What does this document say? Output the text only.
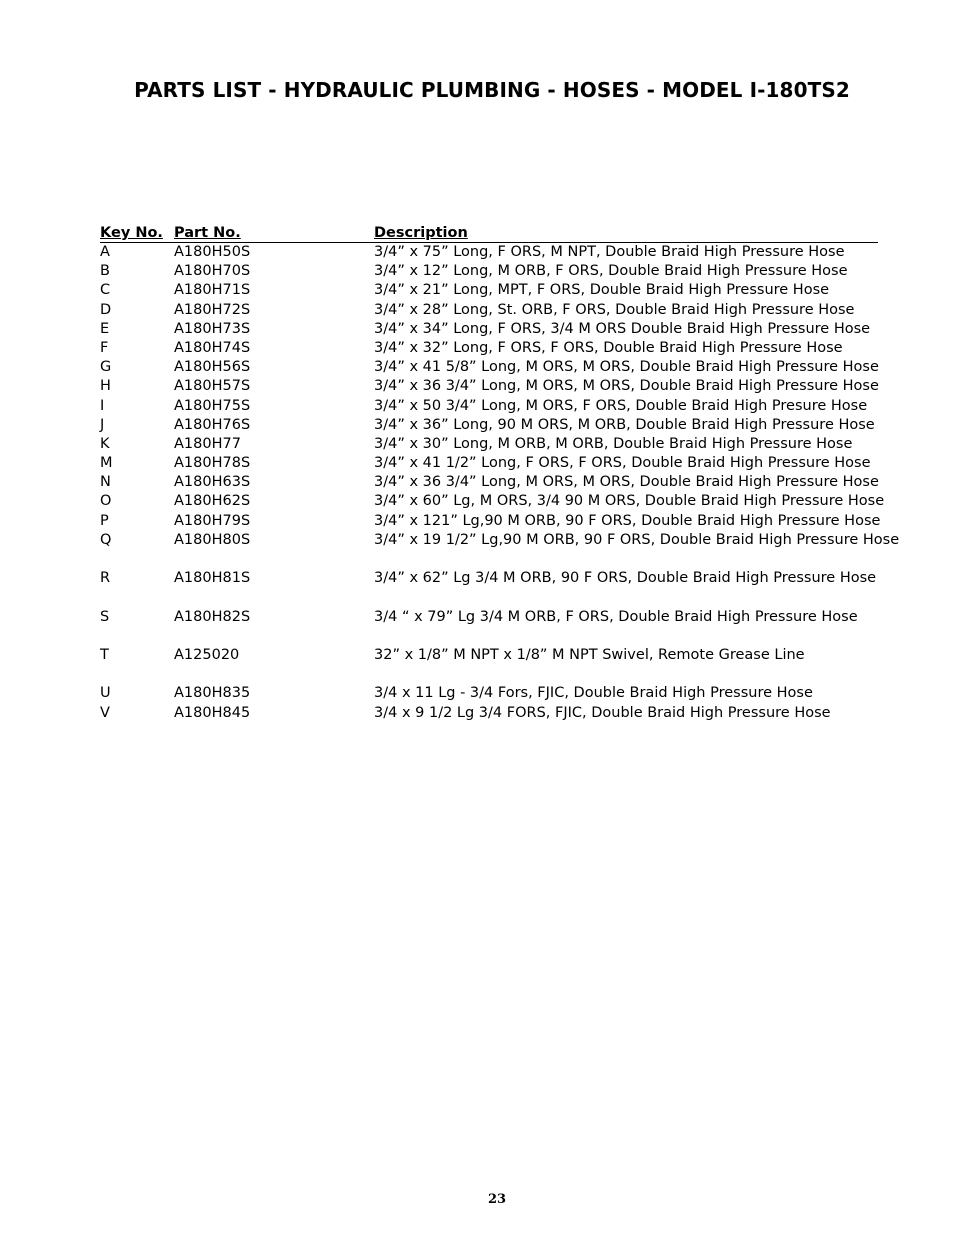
PARTS LIST - HYDRAULIC PLUMBING - HOSES - MODEL I-180TS2
Key No. Part No.	Description
A	A180H50S	3/4” x 75” Long, F ORS, M NPT, Double Braid High Pressure Hose
B	A180H70S	3/4” x 12” Long, M ORB, F ORS, Double Braid High Pressure Hose
C	A180H71S	3/4” x 21” Long, MPT, F ORS, Double Braid High Pressure Hose
D	A180H72S	3/4” x 28” Long, St. ORB, F ORS, Double Braid High Pressure Hose
E	A180H73S	3/4” x 34” Long, F ORS, 3/4 M ORS Double Braid High Pressure Hose
F	A180H74S	3/4” x 32” Long, F ORS, F ORS, Double Braid High Pressure Hose
G	A180H56S	3/4” x 41 5/8” Long, M ORS, M ORS, Double Braid High Pressure Hose
H	A180H57S	3/4” x 36 3/4” Long, M ORS, M ORS, Double Braid High Pressure Hose
I	A180H75S	3/4” x 50 3/4” Long, M ORS, F ORS, Double Braid High Presure Hose
J	A180H76S	3/4” x 36” Long, 90 M ORS, M ORB, Double Braid High Pressure Hose
K	A180H77	3/4” x 30” Long, M ORB, M ORB, Double Braid High Pressure Hose
M	A180H78S	3/4” x 41 1/2” Long, F ORS, F ORS, Double Braid High Pressure Hose
N	A180H63S	3/4” x 36 3/4” Long, M ORS, M ORS, Double Braid High Pressure Hose
O	A180H62S	3/4” x 60” Lg, M ORS, 3/4 90 M ORS, Double Braid High Pressure Hose
P	A180H79S	3/4” x 121” Lg,90 M ORB, 90 F ORS, Double Braid High Pressure Hose
Q	A180H80S	3/4” x 19 1/2” Lg,90 M ORB, 90 F ORS, Double Braid High Pressure Hose
R	A180H81S	3/4” x 62” Lg 3/4 M ORB, 90 F ORS, Double Braid High Pressure Hose
S	A180H82S	3/4 “ x 79” Lg 3/4 M ORB, F ORS, Double Braid High Pressure Hose
T	A125020	32” x 1/8” M NPT x 1/8” M NPT Swivel, Remote Grease Line
U	A180H835	3/4 x 11 Lg - 3/4 Fors, FJIC, Double Braid High Pressure Hose
V	A180H845	3/4 x 9 1/2 Lg 3/4 FORS, FJIC, Double Braid High Pressure Hose
23
